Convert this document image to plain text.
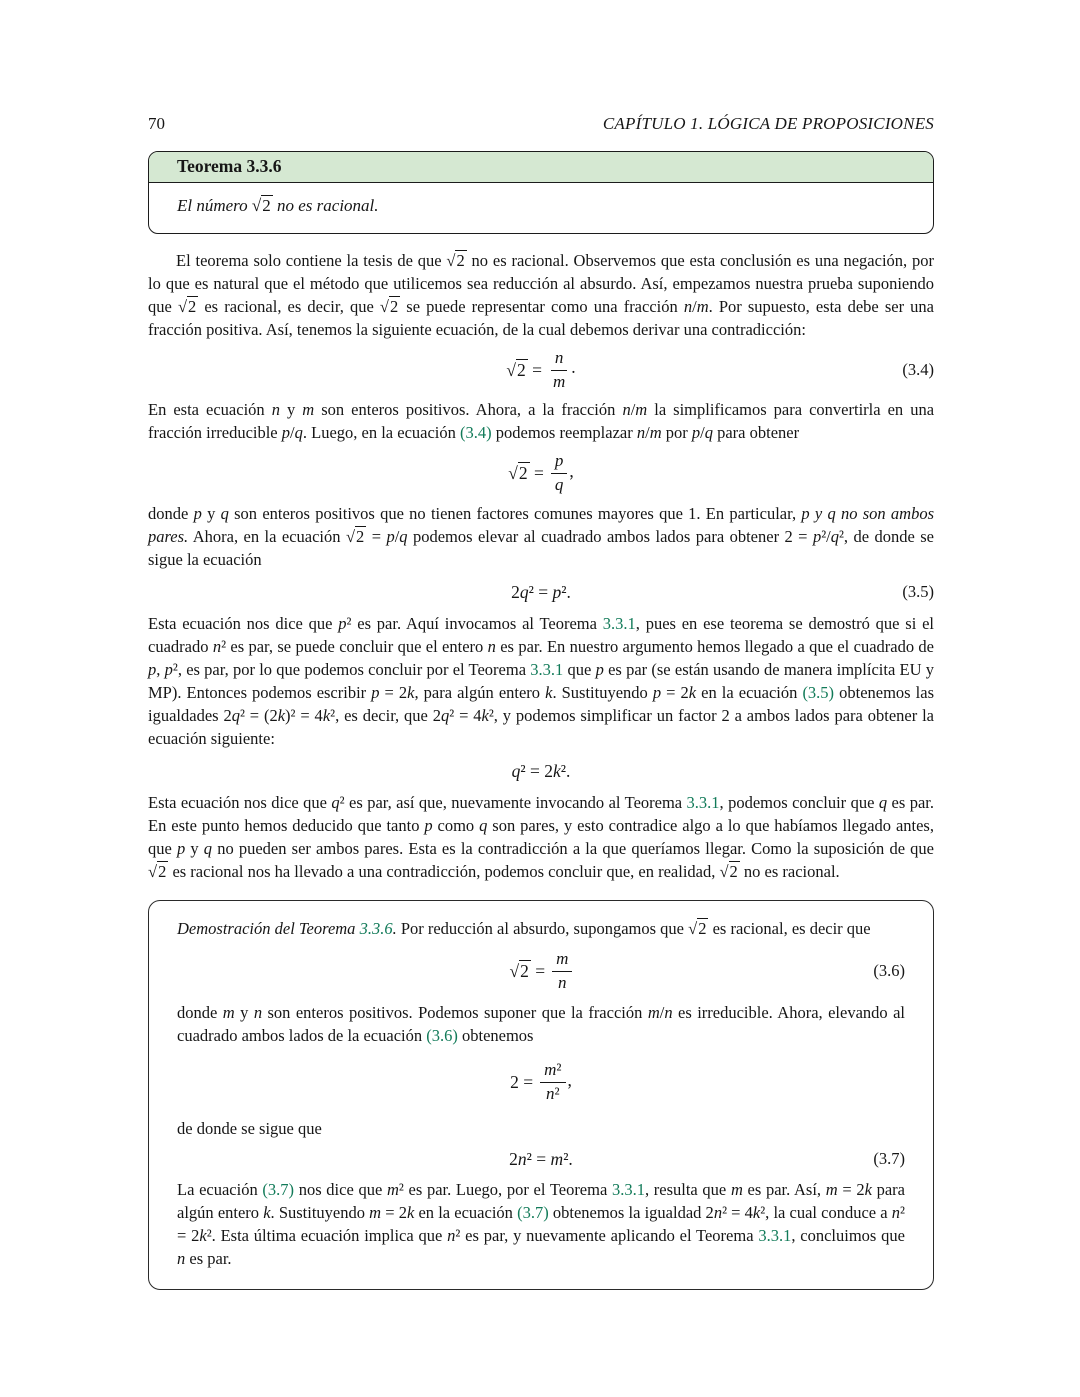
70	CAPÍTULO 1. LÓGICA DE PROPOSICIONES
Teorema 3.3.6
El número √2 no es racional.

El teorema solo contiene la tesis de que √2 no es racional. Observemos que esta conclusión es una negación, por lo que es natural que el método que utilicemos sea reducción al absurdo. Así, empezamos nuestra prueba suponiendo que √2 es racional, es decir, que √2 se puede representar como una fracción n/m. Por supuesto, esta debe ser una fracción positiva. Así, tenemos la siguiente ecuación, de la cual debemos derivar una contradicción:

$√2 = \frac{n}{m}$ .	(3.4)

En esta ecuación n y m son enteros positivos. Ahora, a la fracción n/m la simplificamos para convertirla en una fracción irreducible p/q. Luego, en la ecuación (3.4) podemos reemplazar n/m por p/q para obtener

$√2 = \frac{p}{q}$ ,

donde p y q son enteros positivos que no tienen factores comunes mayores que 1. En particular, p y q no son ambos pares. Ahora, en la ecuación √2 = p/q podemos elevar al cuadrado ambos lados para obtener 2 = p²/q², de donde se sigue la ecuación

2q² = p².	(3.5)

Esta ecuación nos dice que p² es par. Aquí invocamos al Teorema 3.3.1, pues en ese teorema se demostró que si el cuadrado n² es par, se puede concluir que el entero n es par. En nuestro argumento hemos llegado a que el cuadrado de p, p², es par, por lo que podemos concluir por el Teorema 3.3.1 que p es par (se están usando de manera implícita EU y MP). Entonces podemos escribir p = 2k, para algún entero k. Sustituyendo p = 2k en la ecuación (3.5) obtenemos las igualdades 2q² = (2k)² = 4k², es decir, que 2q² = 4k², y podemos simplificar un factor 2 a ambos lados para obtener la ecuación siguiente:

q² = 2k².

Esta ecuación nos dice que q² es par, así que, nuevamente invocando al Teorema 3.3.1, podemos concluir que q es par. En este punto hemos deducido que tanto p como q son pares, y esto contradice algo a lo que habíamos llegado antes, que p y q no pueden ser ambos pares. Esta es la contradicción a la que queríamos llegar. Como la suposición de que √2 es racional nos ha llevado a una contradicción, podemos concluir que, en realidad, √2 no es racional.

Demostración del Teorema 3.3.6. Por reducción al absurdo, supongamos que √2 es racional, es decir que

$√2 = \frac{m}{n}$	(3.6)

donde m y n son enteros positivos. Podemos suponer que la fracción m/n es irreducible. Ahora, elevando al cuadrado ambos lados de la ecuación (3.6) obtenemos

$2 = \frac{\text{m²}}{\text{n²}}$ ,

de donde se sigue que

2n² = m².	(3.7)

La ecuación (3.7) nos dice que m² es par. Luego, por el Teorema 3.3.1, resulta que m es par. Así, m = 2k para algún entero k. Sustituyendo m = 2k en la ecuación (3.7) obtenemos la igualdad 2n² = 4k², la cual conduce a n² = 2k². Esta última ecuación implica que n² es par, y nuevamente aplicando el Teorema 3.3.1, concluimos que n es par.
